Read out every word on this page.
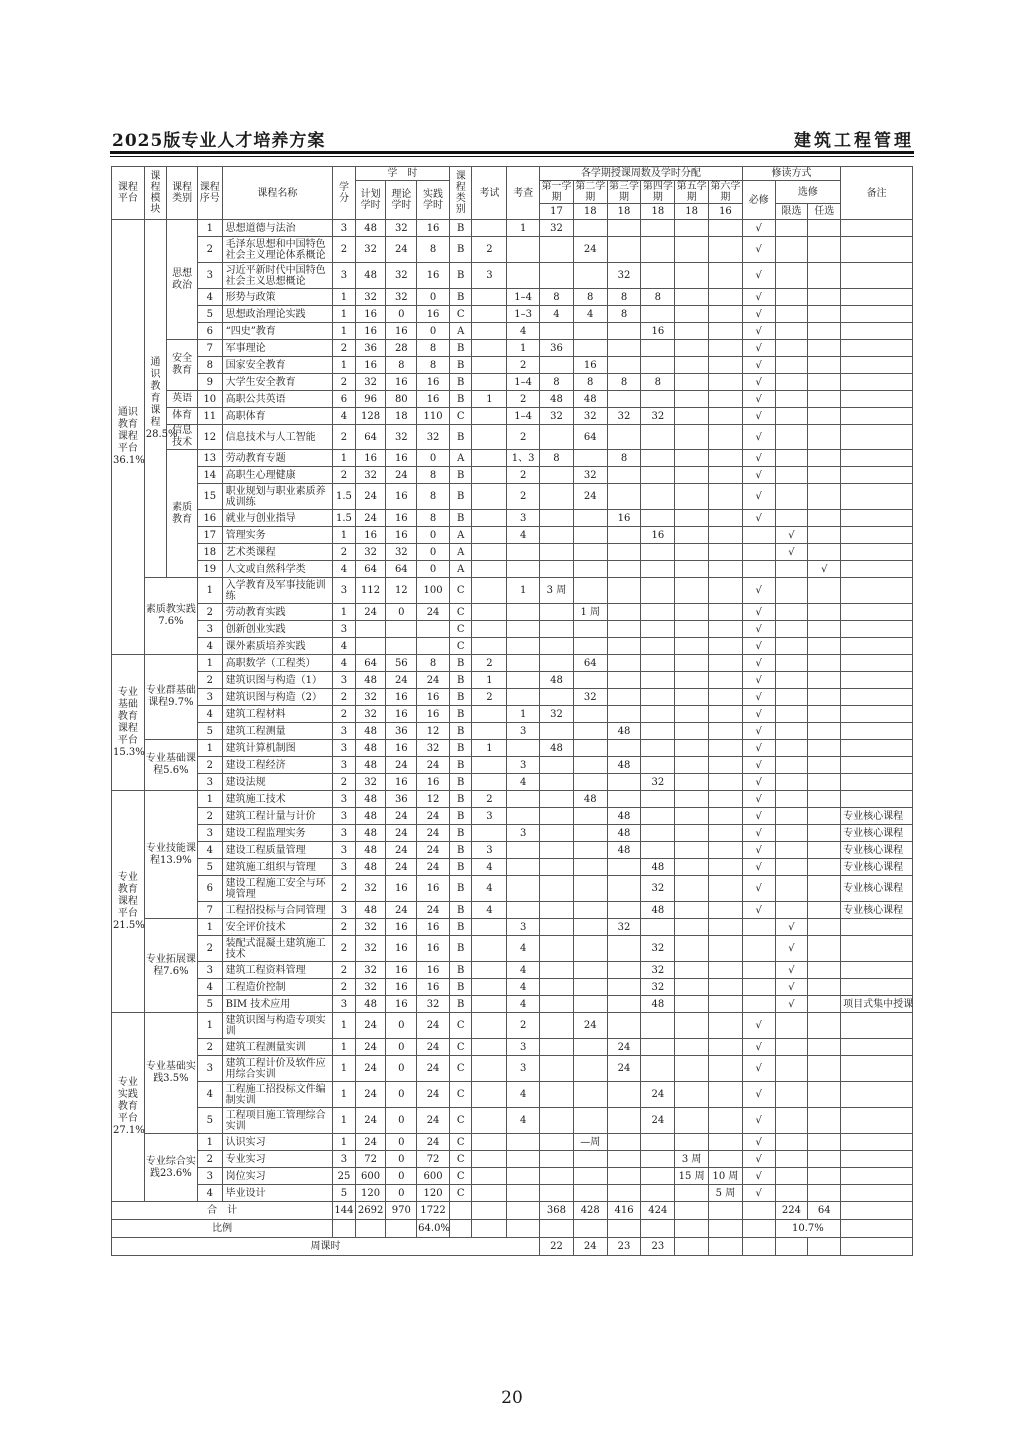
2025版专业人才培养方案	建筑工程管理
课程平台	课程模块	课程类别	课程序号	课程名称	学分	学　时			课程类别	考试	考查	各学期授课周数及学时分配						修读方式			备注
						计划学时	理论学时	实践学时				第一学期	第二学期	第三学期	第四学期	第五学期	第六学期	必修	选修		
												17	18	18	18	18	16		限选	任选	
通识教育课程平台36.1%	通识教育课程28.5%	思想政治	1	思想道德与法治	3	48	32	16	B		1	32						√			
			2	毛泽东思想和中国特色社会主义理论体系概论	2	32	24	8	B	2			24					√			
			3	习近平新时代中国特色社会主义思想概论	3	48	32	16	B	3				32				√			
			4	形势与政策	1	32	32	0	B		1–4	8	8	8	8			√			
			5	思想政治理论实践	1	16	0	16	C		1–3	4	4	8				√			
			6	“四史”教育	1	16	16	0	A		4				16			√			
		安全教育	7	军事理论	2	36	28	8	B		1	36						√			
			8	国家安全教育	1	16	8	8	B		2		16					√			
			9	大学生安全教育	2	32	16	16	B		1–4	8	8	8	8			√			
		英语	10	高职公共英语	6	96	80	16	B	1	2	48	48					√			
		体育	11	高职体育	4	128	18	110	C		1–4	32	32	32	32			√			
		信息技术	12	信息技术与人工智能	2	64	32	32	B		2		64					√			
		素质教育	13	劳动教育专题	1	16	16	0	A		1、3	8		8				√			
			14	高职生心理健康	2	32	24	8	B		2		32					√			
			15	职业规划与职业素质养成训练	1.5	24	16	8	B		2		24					√			
			16	就业与创业指导	1.5	24	16	8	B		3			16				√			
			17	管理实务	1	16	16	0	A		4				16				√		
			18	艺术类课程	2	32	32	0	A										√		
			19	人文或自然科学类	4	64	64	0	A											√	
	素质教实践7.6%		1	入学教育及军事技能训练	3	112	12	100	C		1	3 周						√			
			2	劳动教育实践	1	24	0	24	C				1 周					√			
			3	创新创业实践	3				C									√			
			4	课外素质培养实践	4				C									√			
专业基础教育课程平台15.3%	专业群基础课程9.7%		1	高职数学（工程类）	4	64	56	8	B	2			64					√			
			2	建筑识图与构造（1）	3	48	24	24	B	1		48						√			
			3	建筑识图与构造（2）	2	32	16	16	B	2			32					√			
			4	建筑工程材料	2	32	16	16	B		1	32						√			
			5	建筑工程测量	3	48	36	12	B		3			48				√			
	专业基础课程5.6%		1	建筑计算机制图	3	48	16	32	B	1		48						√			
			2	建设工程经济	3	48	24	24	B		3			48				√			
			3	建设法规	2	32	16	16	B		4				32			√			
专业教育课程平台21.5%	专业技能课程13.9%		1	建筑施工技术	3	48	36	12	B	2			48					√			
			2	建筑工程计量与计价	3	48	24	24	B	3				48				√			专业核心课程
			3	建设工程监理实务	3	48	24	24	B		3			48				√			专业核心课程
			4	建设工程质量管理	3	48	24	24	B	3				48				√			专业核心课程
			5	建筑施工组织与管理	3	48	24	24	B	4					48			√			专业核心课程
			6	建设工程施工安全与环境管理	2	32	16	16	B	4					32			√			专业核心课程
			7	工程招投标与合同管理	3	48	24	24	B	4					48			√			专业核心课程
	专业拓展课程7.6%		1	安全评价技术	2	32	16	16	B		3			32					√		
			2	装配式混凝土建筑施工技术	2	32	16	16	B		4				32				√		
			3	建筑工程资料管理	2	32	16	16	B		4				32				√		
			4	工程造价控制	2	32	16	16	B		4				32				√		
			5	BIM 技术应用	3	48	16	32	B		4				48				√		项目式集中授课
专业实践教育平台27.1%	专业基础实践3.5%		1	建筑识图与构造专项实训	1	24	0	24	C		2		24					√			
			2	建筑工程测量实训	1	24	0	24	C		3			24				√			
			3	建筑工程计价及软件应用综合实训	1	24	0	24	C		3			24				√			
			4	工程施工招投标文件编制实训	1	24	0	24	C		4				24			√			
			5	工程项目施工管理综合实训	1	24	0	24	C		4				24			√			
	专业综合实践23.6%		1	认识实习	1	24	0	24	C				—周					√			
			2	专业实习	3	72	0	72	C							3 周		√			
			3	岗位实习	25	600	0	600	C							15 周	10 周	√			
			4	毕业设计	5	120	0	120	C								5 周	√			
合　计					144	2692	970	1722				368	428	416	424				224	64	
比例								64.0%											10.7%		
周课时												22	24	23	23						
20
